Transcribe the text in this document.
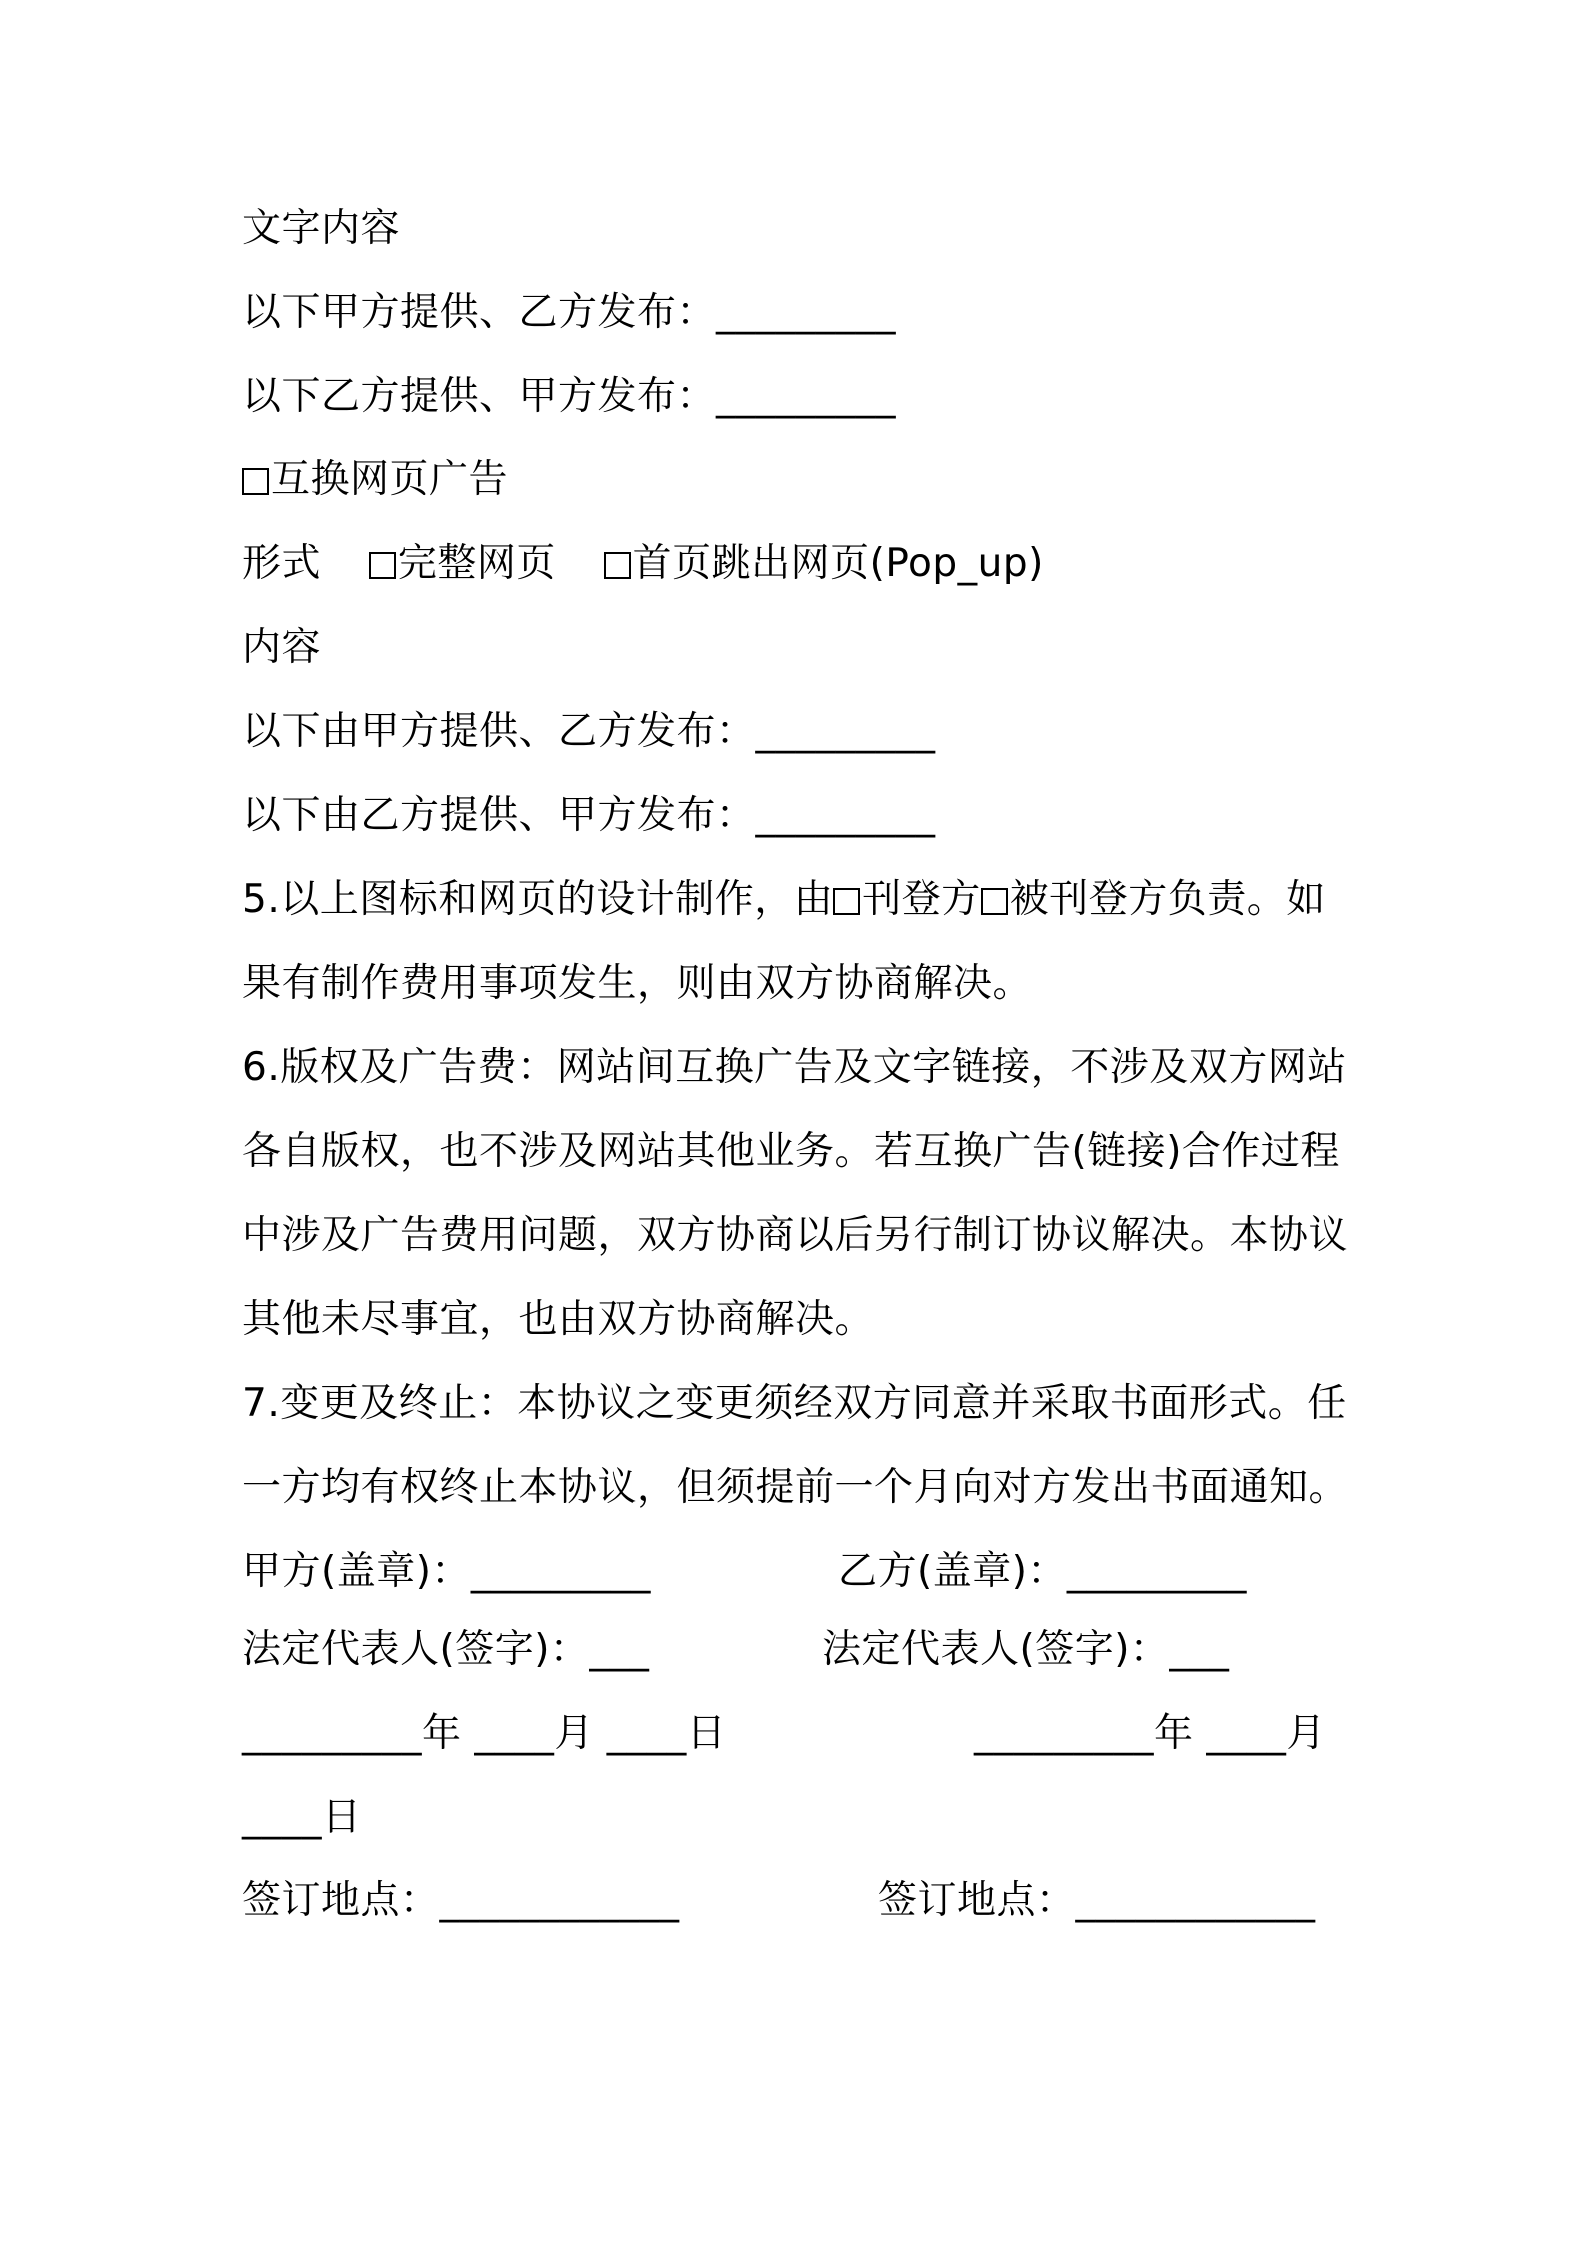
文字内容
以下甲方提供、乙方发布：_________
以下乙方提供、甲方发布：_________
互换网页广告
形式 完整网页 首页跳出网页(Pop_up)
内容
以下由甲方提供、乙方发布：_________
以下由乙方提供、甲方发布：_________
5.以上图标和网页的设计制作，由 刊登方 被刊登方负责。如
果有制作费用事项发生，则由双方协商解决。
6.版权及广告费：网站间互换广告及文字链接，不涉及双方网站
各自版权，也不涉及网站其他业务。若互换广告(链接)合作过程
中涉及广告费用问题，双方协商以后另行制订协议解决。本协议
其他未尽事宜，也由双方协商解决。
7.变更及终止：本协议之变更须经双方同意并采取书面形式。任
一方均有权终止本协议，但须提前一个月向对方发出书面通知。
甲方(盖章)：_________	乙方(盖章)：_________
法定代表人(签字)：___	法定代表人(签字)：___
_________年 ____月 ____日	_________年 ____月
____日
签订地点：____________	签订地点：____________
